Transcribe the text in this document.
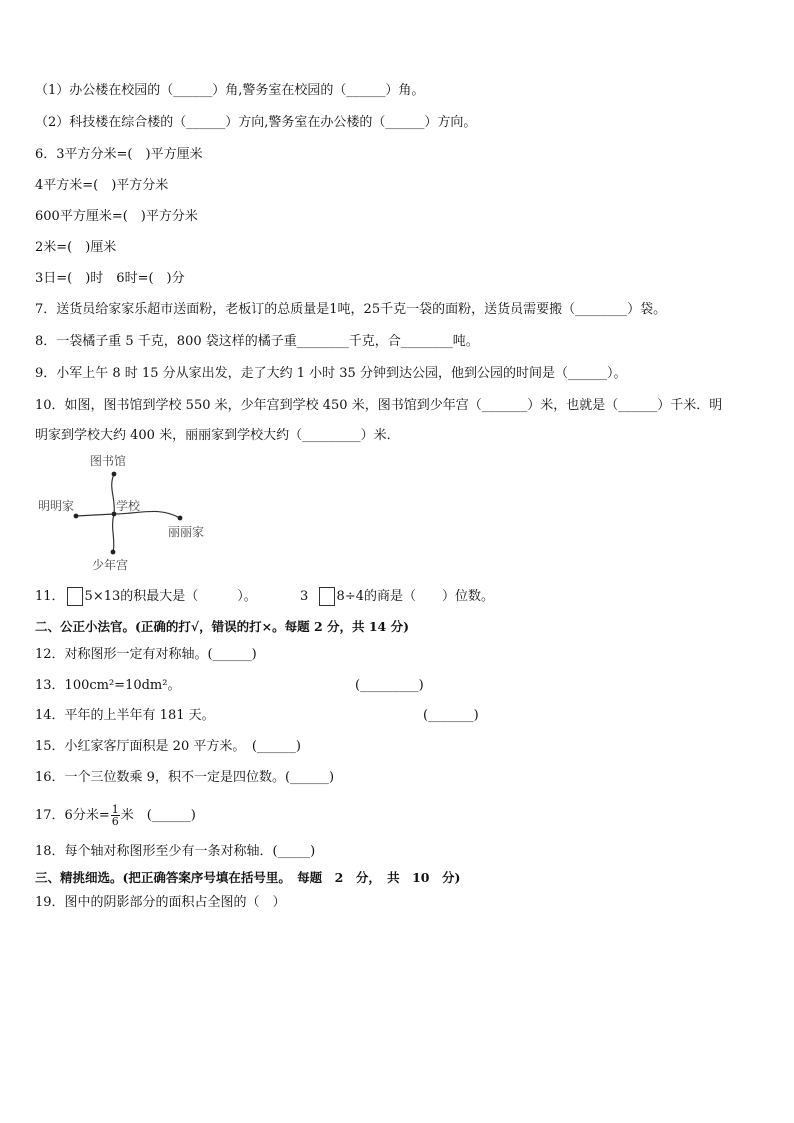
（1）办公楼在校园的（______）角,警务室在校园的（______）角。
（2）科技楼在综合楼的（______）方向,警务室在办公楼的（______）方向。
6．3平方分米=(　)平方厘米
4平方米=(　)平方分米
600平方厘米=(　)平方分米
2米=(　)厘米
3日=(　)时　6时=(　)分
7．送货员给家家乐超市送面粉，老板订的总质量是1吨，25千克一袋的面粉，送货员需要搬（________）袋。
8．一袋橘子重 5 千克，800 袋这样的橘子重________千克，合________吨。
9．小军上午 8 时 15 分从家出发，走了大约 1 小时 35 分钟到达公园，他到公园的时间是（______）。
10．如图，图书馆到学校 550 米，少年宫到学校 450 米，图书馆到少年宫（_______）米，也就是（______）千米．明
明家到学校大约 400 米，丽丽家到学校大约（_________）米．
图书馆
明明家	学校
丽丽家
少年宫
11． 5×13的积最大是（　　　）。	3 8÷4的商是（　　）位数。
二、公正小法官。(正确的打√，错误的打×。每题 2 分，共 14 分)
12．对称图形一定有对称轴。(______)
13．100cm²=10dm²。	(_________)
14．平年的上半年有 181 天。	(_______)
15．小红家客厅面积是 20 平方米。　(______)
16．一个三位数乘 9，积不一定是四位数。(______)
17．6分米= $\frac{1}{6}$ 米　(______)
18．每个轴对称图形至少有一条对称轴．(_____)
三、精挑细选。(把正确答案序号填在括号里。　每题　2　分，　共　10　分)
19．图中的阴影部分的面积占全图的（　）
